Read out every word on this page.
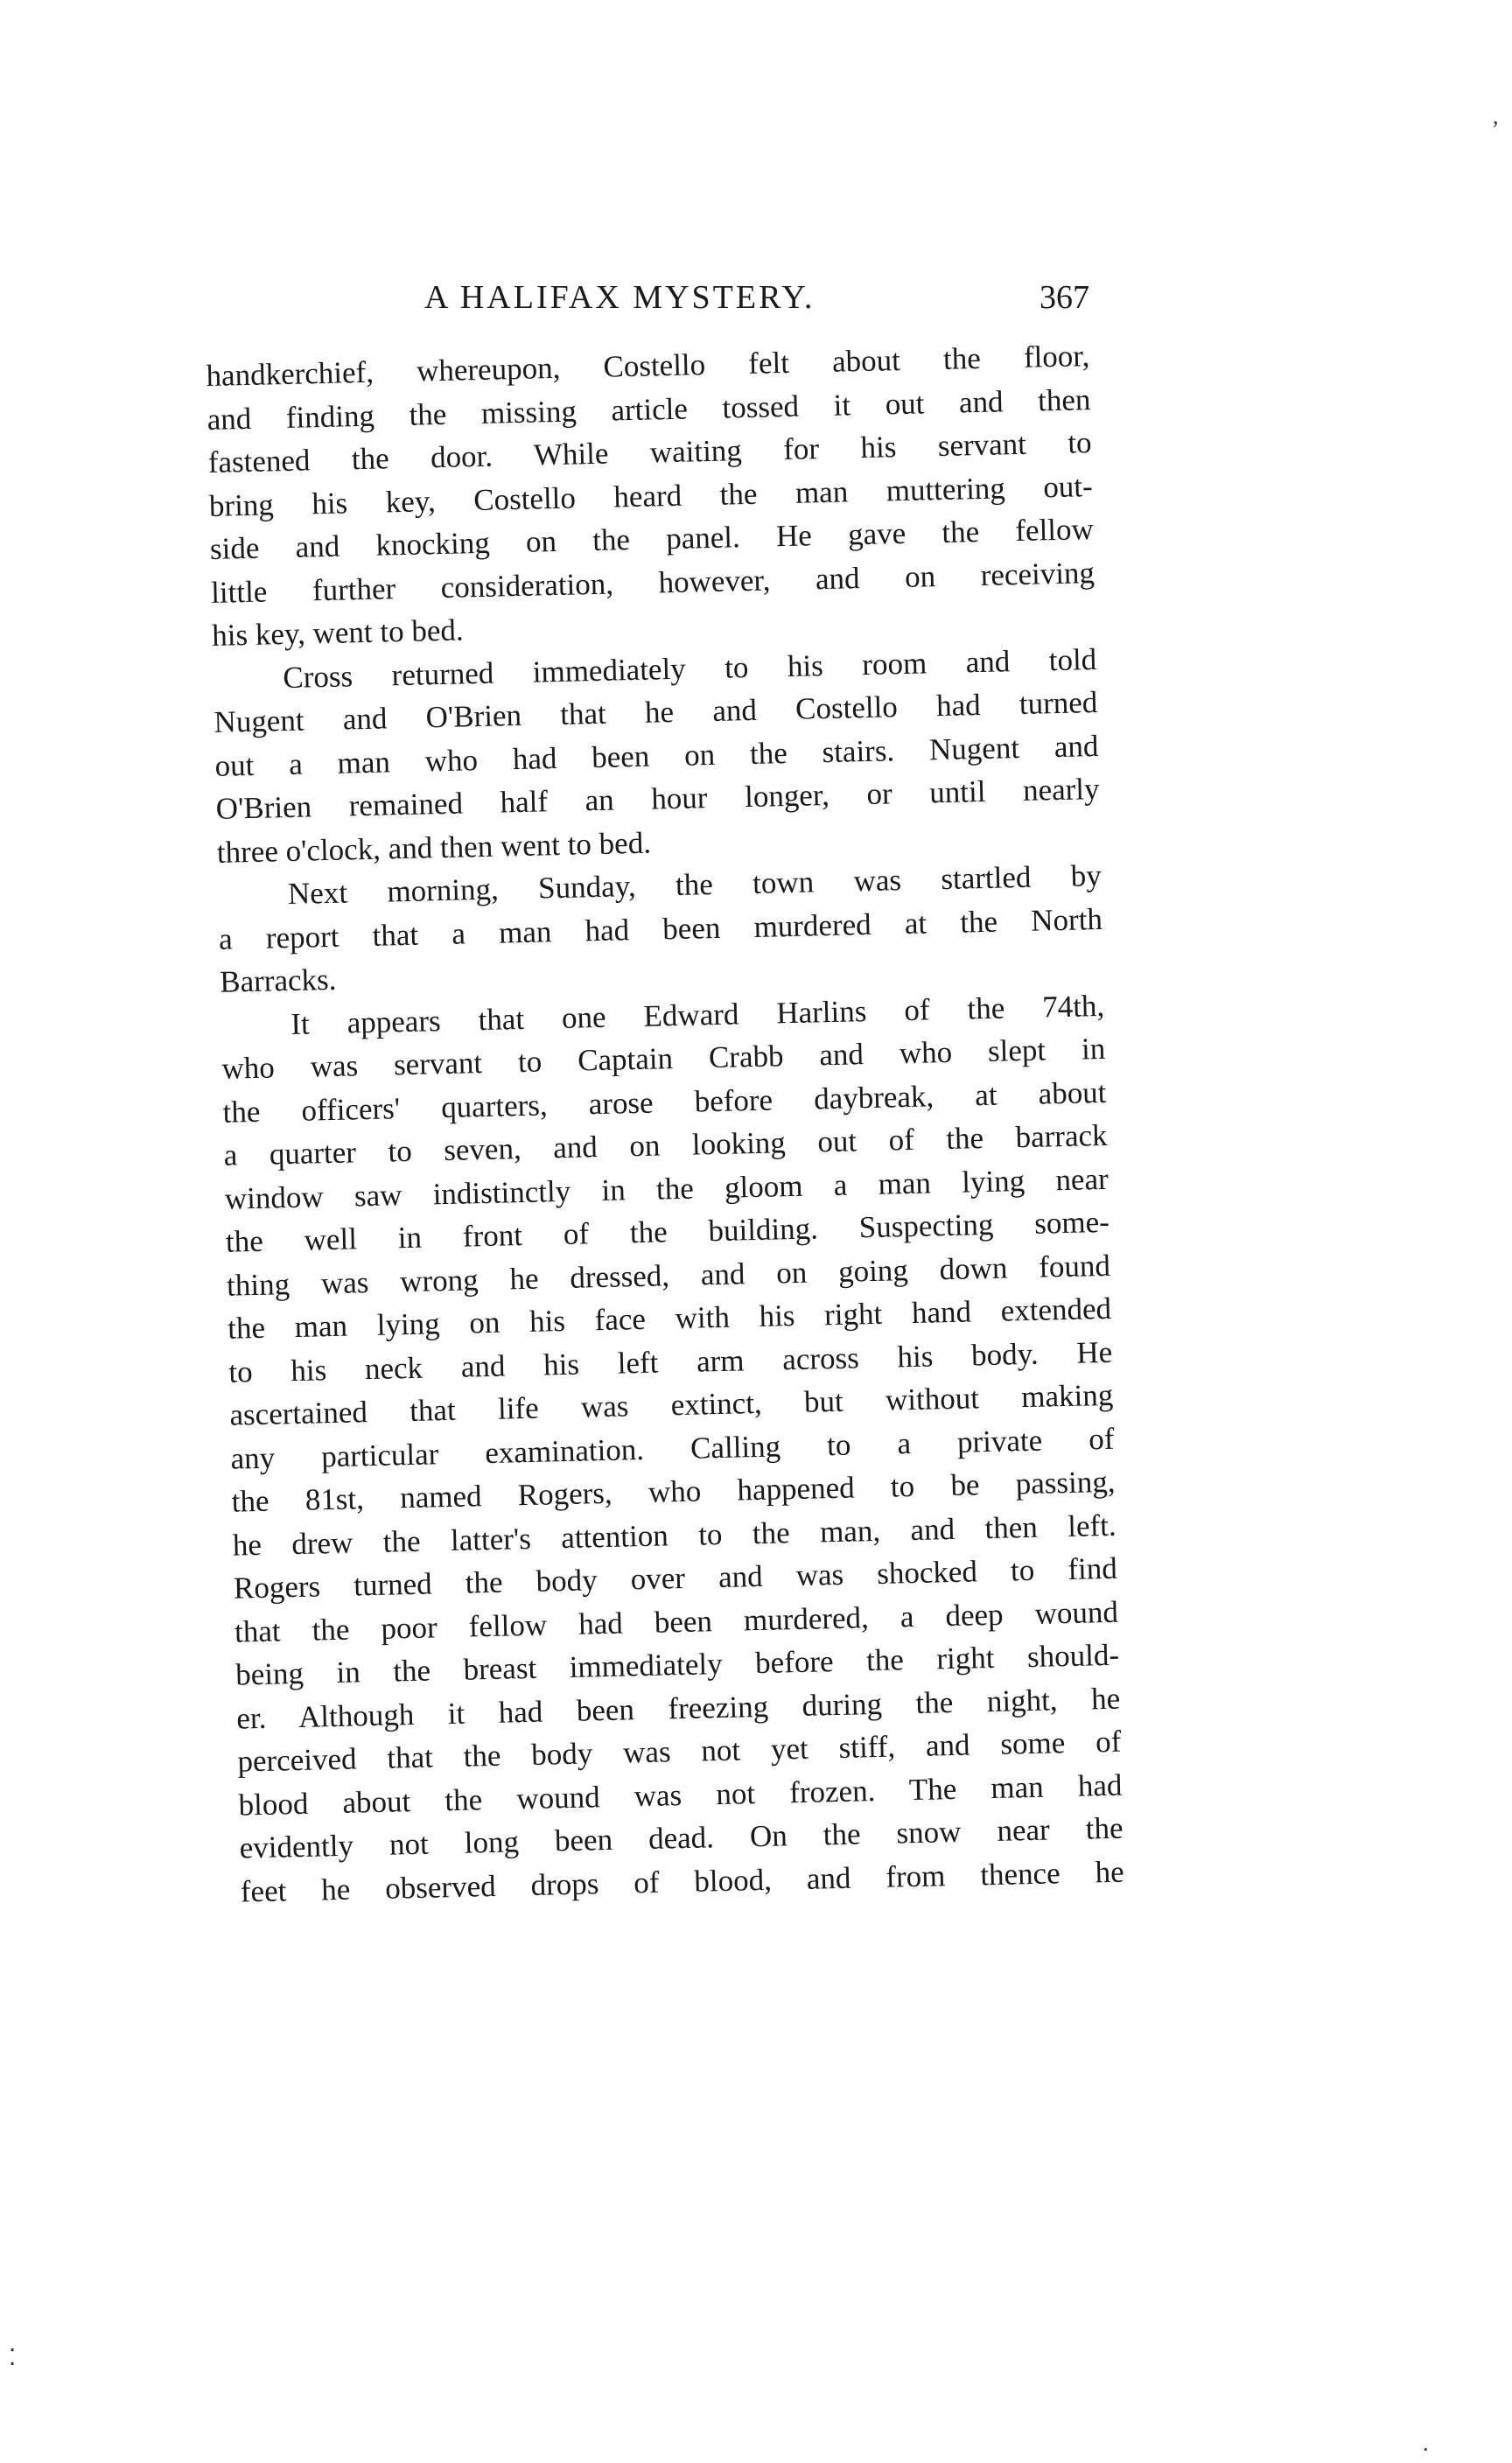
,
⁚
·
A HALIFAX MYSTERY.	367
handkerchief, whereupon, Costello felt about the floor,
and finding the missing article tossed it out and then
fastened the door. While waiting for his servant to
bring his key, Costello heard the man muttering out-
side and knocking on the panel. He gave the fellow
little further consideration, however, and on receiving
his key, went to bed.
Cross returned immediately to his room and told
Nugent and O'Brien that he and Costello had turned
out a man who had been on the stairs. Nugent and
O'Brien remained half an hour longer, or until nearly
three o'clock, and then went to bed.
Next morning, Sunday, the town was startled by
a report that a man had been murdered at the North
Barracks.
It appears that one Edward Harlins of the 74th,
who was servant to Captain Crabb and who slept in
the officers' quarters, arose before daybreak, at about
a quarter to seven, and on looking out of the barrack
window saw indistinctly in the gloom a man lying near
the well in front of the building. Suspecting some-
thing was wrong he dressed, and on going down found
the man lying on his face with his right hand extended
to his neck and his left arm across his body. He
ascertained that life was extinct, but without making
any particular examination. Calling to a private of
the 81st, named Rogers, who happened to be passing,
he drew the latter's attention to the man, and then left.
Rogers turned the body over and was shocked to find
that the poor fellow had been murdered, a deep wound
being in the breast immediately before the right should-
er. Although it had been freezing during the night, he
perceived that the body was not yet stiff, and some of
blood about the wound was not frozen. The man had
evidently not long been dead. On the snow near the
feet he observed drops of blood, and from thence he
